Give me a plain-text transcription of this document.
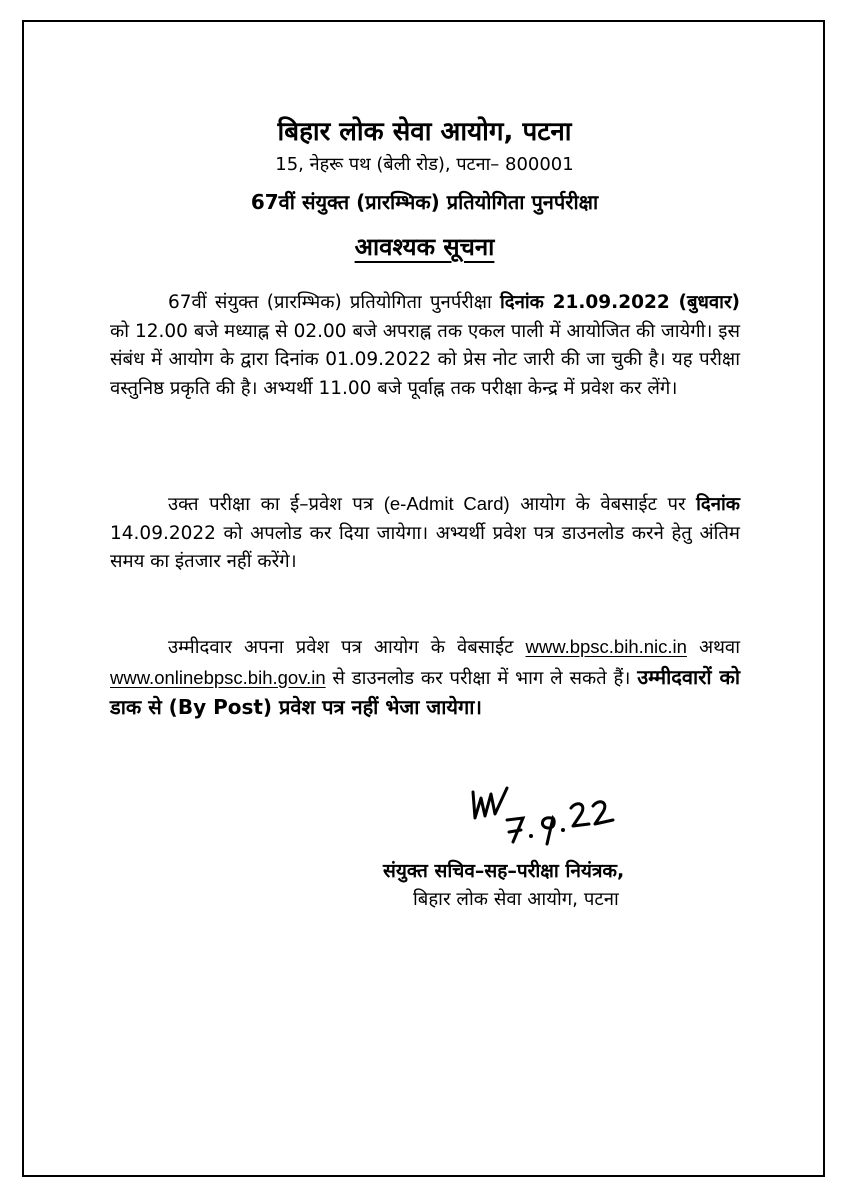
बिहार लोक सेवा आयोग, पटना
15, नेहरू पथ (बेली रोड), पटना– 800001
67वीं संयुक्त (प्रारम्भिक) प्रतियोगिता पुनर्परीक्षा
आवश्यक सूचना
67वीं संयुक्त (प्रारम्भिक) प्रतियोगिता पुनर्परीक्षा दिनांक 21.09.2022 (बुधवार) को 12.00 बजे मध्याह्न से 02.00 बजे अपराह्न तक एकल पाली में आयोजित की जायेगी। इस संबंध में आयोग के द्वारा दिनांक 01.09.2022 को प्रेस नोट जारी की जा चुकी है। यह परीक्षा वस्तुनिष्ठ प्रकृति की है। अभ्यर्थी 11.00 बजे पूर्वाह्न तक परीक्षा केन्द्र में प्रवेश कर लेंगे।
उक्त परीक्षा का ई–प्रवेश पत्र (e-Admit Card) आयोग के वेबसाईट पर दिनांक 14.09.2022 को अपलोड कर दिया जायेगा। अभ्यर्थी प्रवेश पत्र डाउनलोड करने हेतु अंतिम समय का इंतजार नहीं करेंगे।
उम्मीदवार अपना प्रवेश पत्र आयोग के वेबसाईट www.bpsc.bih.nic.in अथवा www.onlinebpsc.bih.gov.in से डाउनलोड कर परीक्षा में भाग ले सकते हैं। उम्मीदवारों को डाक से (By Post) प्रवेश पत्र नहीं भेजा जायेगा।
संयुक्त सचिव–सह–परीक्षा नियंत्रक,
बिहार लोक सेवा आयोग, पटना
